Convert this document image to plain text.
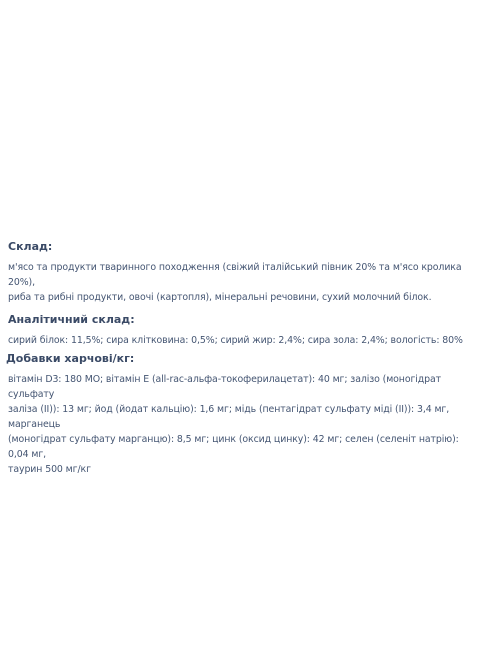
Склад:

м'ясо та продукти тваринного походження (свіжий італійський півник 20% та м'ясо кролика 20%),
риба та рибні продукти, овочі (картопля), мінеральні речовини, сухий молочний білок.

Аналітичний склад:

сирий білок: 11,5%; сира клітковина: 0,5%; сирий жир: 2,4%; сира зола: 2,4%; вологість: 80%

Добавки харчові/кг:

вітамін D3: 180 МО; вітамін Е (all-rac-альфа-токоферилацетат): 40 мг; залізо (моногідрат сульфату
заліза (II)): 13 мг; йод (йодат кальцію): 1,6 мг; мідь (пентагідрат сульфату міді (II)): 3,4 мг, марганець
(моногідрат сульфату марганцю): 8,5 мг; цинк (оксид цинку): 42 мг; селен (селеніт натрію): 0,04 мг,
таурин 500 мг/кг
